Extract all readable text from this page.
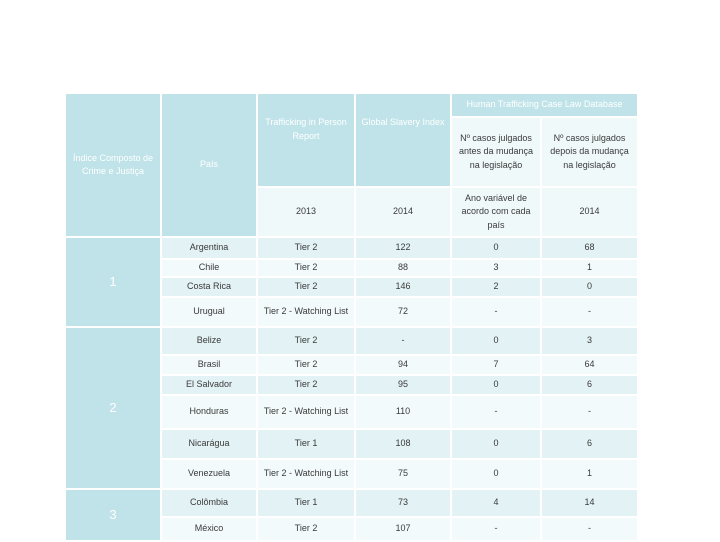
Índice Composto de Crime e Justiça	País	Trafficking in Person Report	Global Slavery Index	Human Trafficking Case Law Database	
				Nº casos julgados antes da mudança na legislação	Nº casos julgados depois da mudança na legislação
		2013	2014	Ano variável de acordo com cada país	2014
1	Argentina	Tier 2	122	0	68
	Chile	Tier 2	88	3	1
	Costa Rica	Tier 2	146	2	0
	Urugual	Tier 2 - Watching List	72	-	-
2	Belize	Tier 2	-	0	3
	Brasil	Tier 2	94	7	64
	El Salvador	Tier 2	95	0	6
	Honduras	Tier 2 - Watching List	110	-	-
	Nicarágua	Tier 1	108	0	6
	Venezuela	Tier 2 - Watching List	75	0	1
3	Colômbia	Tier 1	73	4	14
	México	Tier 2	107	-	-
